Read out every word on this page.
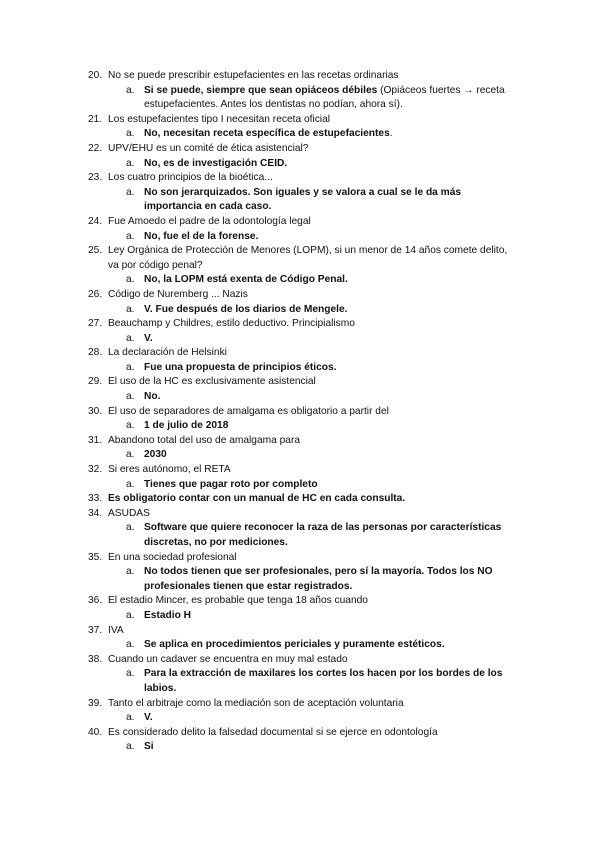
20. No se puede prescribir estupefacientes en las recetas ordinarias

a. Si se puede, siempre que sean opiáceos débiles (Opiáceos fuertes → receta estupefacientes. Antes los dentistas no podían, ahora sí).

21. Los estupefacientes tipo I necesitan receta oficial

a. No, necesitan receta específica de estupefacientes.

22. UPV/EHU es un comité de ética asistencial?

a. No, es de investigación CEID.

23. Los cuatro principios de la bioética...

a. No son jerarquizados. Son iguales y se valora a cual se le da más importancia en cada caso.

24. Fue Amoedo el padre de la odontología legal

a. No, fue el de la forense.

25. Ley Orgánica de Protección de Menores (LOPM), si un menor de 14 años comete delito, va por código penal?

a. No, la LOPM está exenta de Código Penal.

26. Código de Nuremberg ... Nazis

a. V. Fue después de los diarios de Mengele.

27. Beauchamp y Childres, estilo deductivo. Principialismo

a. V.

28. La declaración de Helsinki

a. Fue una propuesta de principios éticos.

29. El uso de la HC es exclusivamente asistencial

a. No.

30. El uso de separadores de amalgama es obligatorio a partir del

a. 1 de julio de 2018

31. Abandono total del uso de amalgama para

a. 2030

32. Si eres autónomo, el RETA

a. Tienes que pagar roto por completo

33. Es obligatorio contar con un manual de HC en cada consulta.

34. ASUDAS

a. Software que quiere reconocer la raza de las personas por características discretas, no por mediciones.

35. En una sociedad profesional

a. No todos tienen que ser profesionales, pero sí la mayoría. Todos los NO profesionales tienen que estar registrados.

36. El estadio Mincer, es probable que tenga 18 años cuando

a. Estadio H

37. IVA

a. Se aplica en procedimientos periciales y puramente estéticos.

38. Cuando un cadaver se encuentra en muy mal estado

a. Para la extracción de maxilares los cortes los hacen por los bordes de los labios.

39. Tanto el arbitraje como la mediación son de aceptación voluntaria

a. V.

40. Es considerado delito la falsedad documental si se ejerce en odontología

a. Si
